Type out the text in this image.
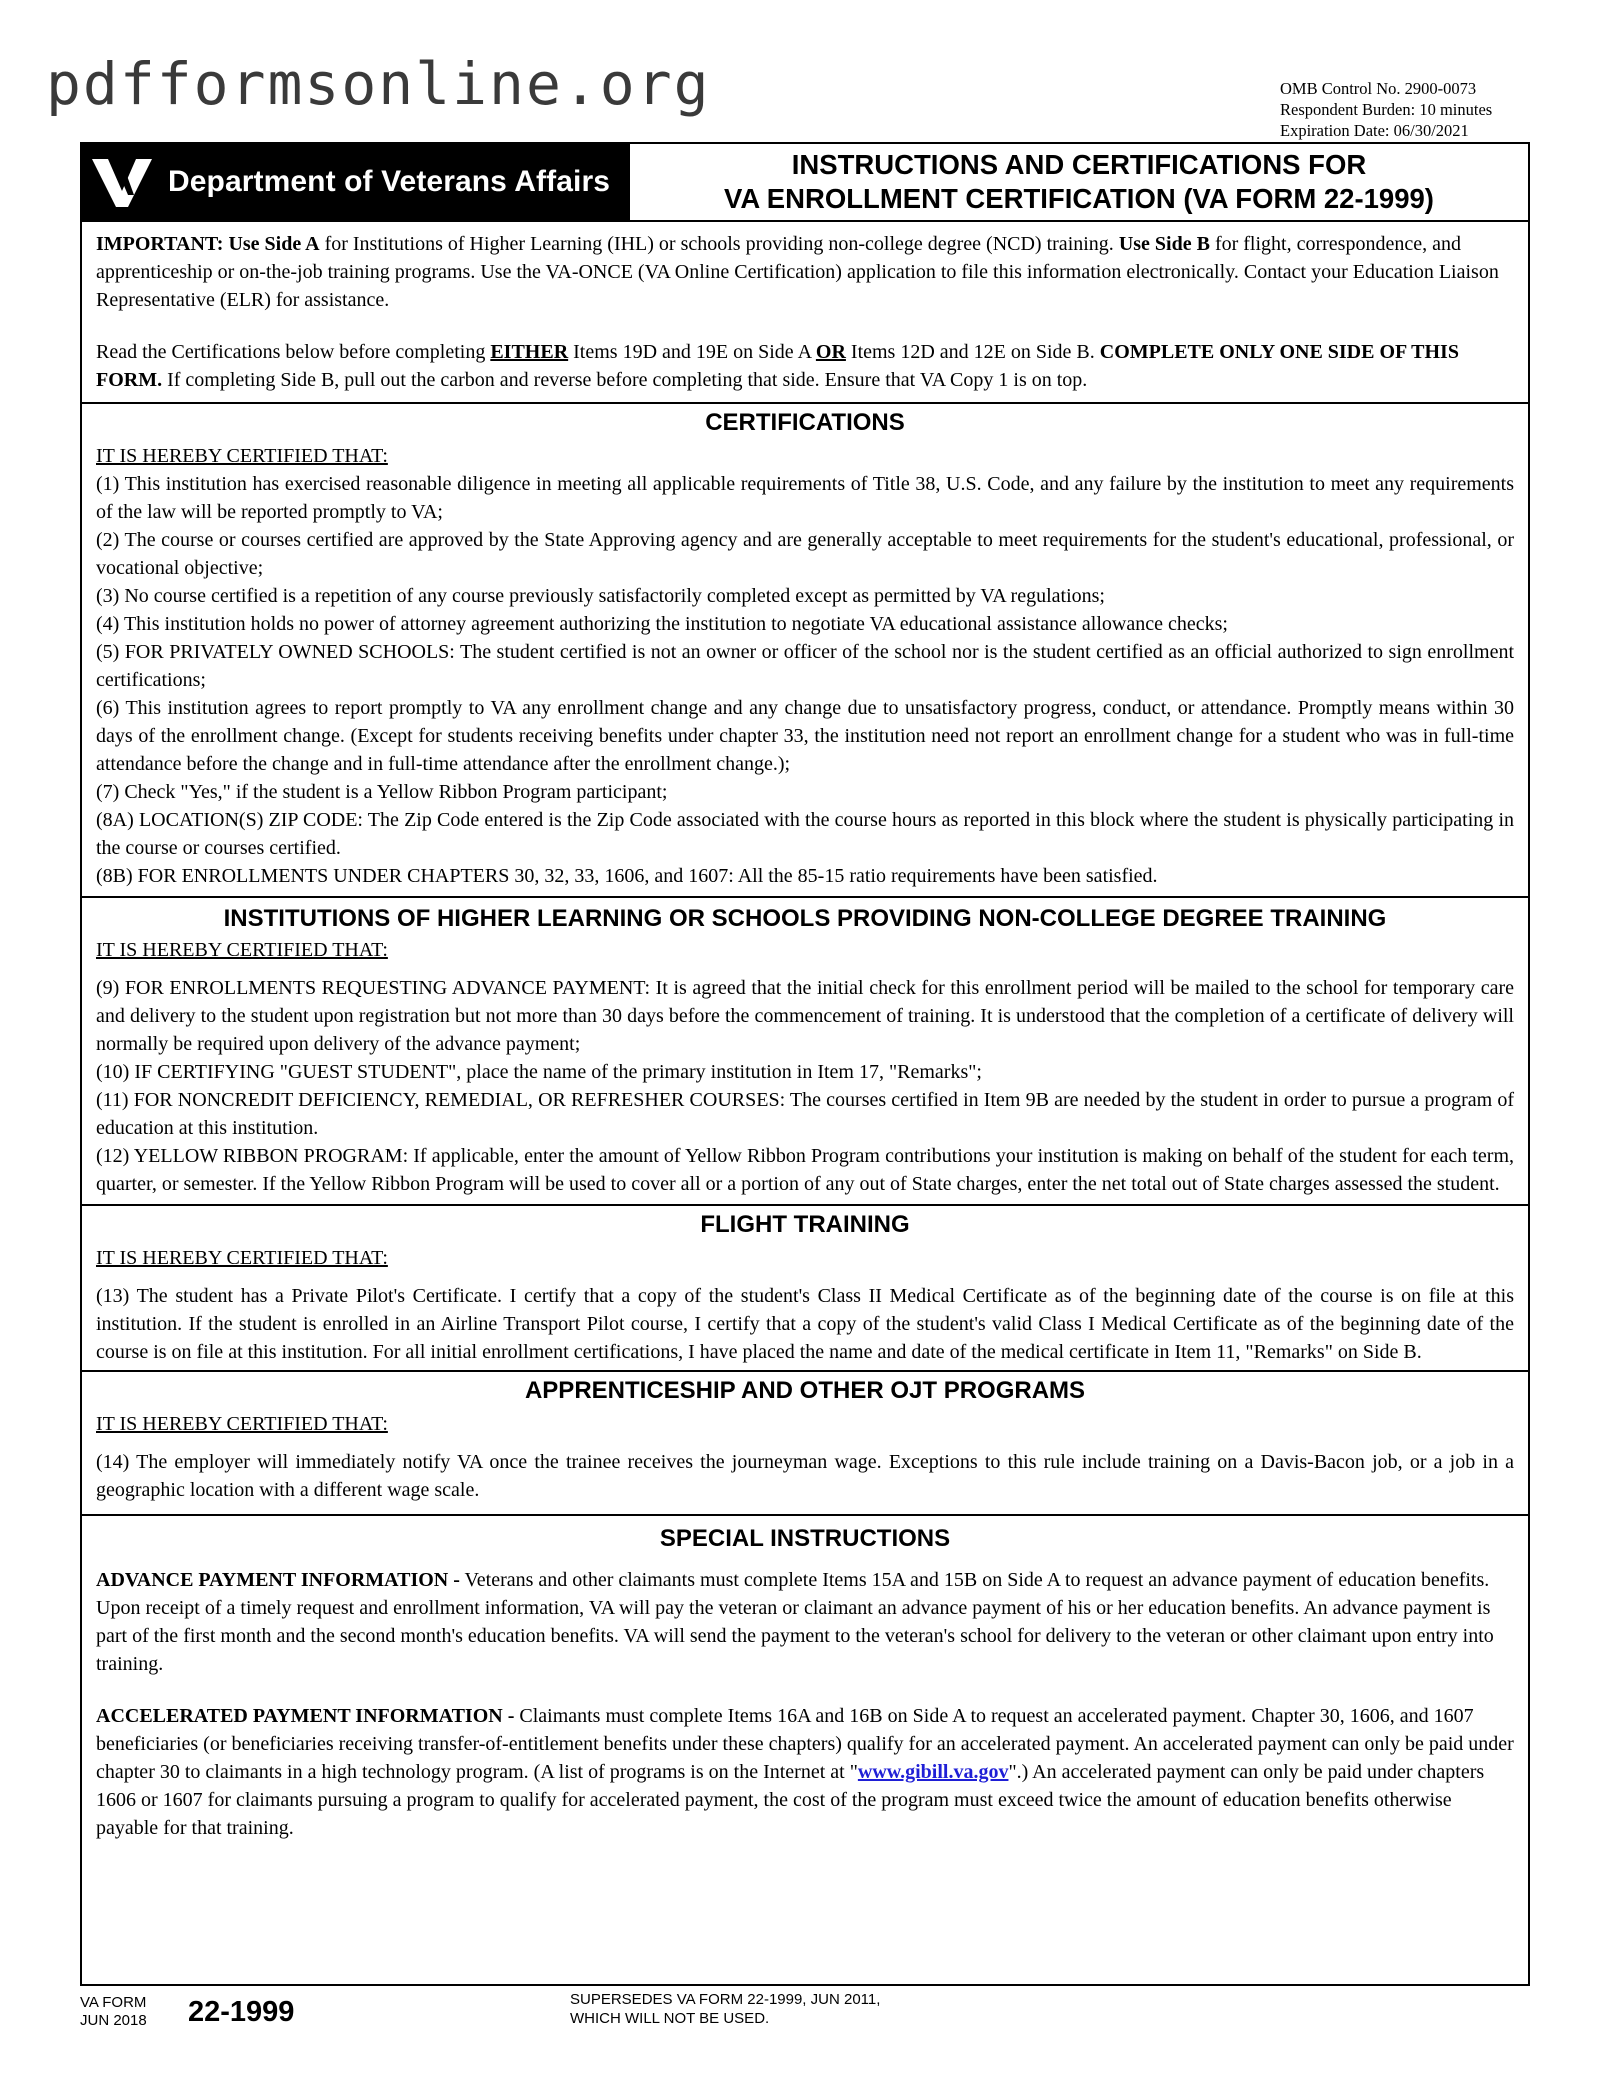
pdfformsonline.org	OMB Control No. 2900-0073
Respondent Burden: 10 minutes
Expiration Date: 06/30/2021
Department of Veterans Affairs
INSTRUCTIONS AND CERTIFICATIONS FOR
VA ENROLLMENT CERTIFICATION (VA FORM 22-1999)
IMPORTANT: Use Side A for Institutions of Higher Learning (IHL) or schools providing non-college degree (NCD) training. Use Side B for flight, correspondence, and apprenticeship or on-the-job training programs. Use the VA-ONCE (VA Online Certification) application to file this information electronically. Contact your Education Liaison Representative (ELR) for assistance.
Read the Certifications below before completing EITHER Items 19D and 19E on Side A OR Items 12D and 12E on Side B. COMPLETE ONLY ONE SIDE OF THIS FORM. If completing Side B, pull out the carbon and reverse before completing that side. Ensure that VA Copy 1 is on top.
CERTIFICATIONS
IT IS HEREBY CERTIFIED THAT:
(1) This institution has exercised reasonable diligence in meeting all applicable requirements of Title 38, U.S. Code, and any failure by the institution to meet any requirements of the law will be reported promptly to VA;
(2) The course or courses certified are approved by the State Approving agency and are generally acceptable to meet requirements for the student's educational, professional, or vocational objective;
(3) No course certified is a repetition of any course previously satisfactorily completed except as permitted by VA regulations;
(4) This institution holds no power of attorney agreement authorizing the institution to negotiate VA educational assistance allowance checks;
(5) FOR PRIVATELY OWNED SCHOOLS: The student certified is not an owner or officer of the school nor is the student certified as an official authorized to sign enrollment certifications;
(6) This institution agrees to report promptly to VA any enrollment change and any change due to unsatisfactory progress, conduct, or attendance. Promptly means within 30 days of the enrollment change. (Except for students receiving benefits under chapter 33, the institution need not report an enrollment change for a student who was in full-time attendance before the change and in full-time attendance after the enrollment change.);
(7) Check "Yes," if the student is a Yellow Ribbon Program participant;
(8A) LOCATION(S) ZIP CODE: The Zip Code entered is the Zip Code associated with the course hours as reported in this block where the student is physically participating in the course or courses certified.
(8B) FOR ENROLLMENTS UNDER CHAPTERS 30, 32, 33, 1606, and 1607: All the 85-15 ratio requirements have been satisfied.
INSTITUTIONS OF HIGHER LEARNING OR SCHOOLS PROVIDING NON-COLLEGE DEGREE TRAINING
IT IS HEREBY CERTIFIED THAT:
(9) FOR ENROLLMENTS REQUESTING ADVANCE PAYMENT: It is agreed that the initial check for this enrollment period will be mailed to the school for temporary care and delivery to the student upon registration but not more than 30 days before the commencement of training. It is understood that the completion of a certificate of delivery will normally be required upon delivery of the advance payment;
(10) IF CERTIFYING "GUEST STUDENT", place the name of the primary institution in Item 17, "Remarks";
(11) FOR NONCREDIT DEFICIENCY, REMEDIAL, OR REFRESHER COURSES: The courses certified in Item 9B are needed by the student in order to pursue a program of education at this institution.
(12) YELLOW RIBBON PROGRAM: If applicable, enter the amount of Yellow Ribbon Program contributions your institution is making on behalf of the student for each term, quarter, or semester. If the Yellow Ribbon Program will be used to cover all or a portion of any out of State charges, enter the net total out of State charges assessed the student.
FLIGHT TRAINING
IT IS HEREBY CERTIFIED THAT:
(13) The student has a Private Pilot's Certificate. I certify that a copy of the student's Class II Medical Certificate as of the beginning date of the course is on file at this institution. If the student is enrolled in an Airline Transport Pilot course, I certify that a copy of the student's valid Class I Medical Certificate as of the beginning date of the course is on file at this institution. For all initial enrollment certifications, I have placed the name and date of the medical certificate in Item 11, "Remarks" on Side B.
APPRENTICESHIP AND OTHER OJT PROGRAMS
IT IS HEREBY CERTIFIED THAT:
(14) The employer will immediately notify VA once the trainee receives the journeyman wage. Exceptions to this rule include training on a Davis-Bacon job, or a job in a geographic location with a different wage scale.
SPECIAL INSTRUCTIONS
ADVANCE PAYMENT INFORMATION - Veterans and other claimants must complete Items 15A and 15B on Side A to request an advance payment of education benefits. Upon receipt of a timely request and enrollment information, VA will pay the veteran or claimant an advance payment of his or her education benefits. An advance payment is part of the first month and the second month's education benefits. VA will send the payment to the veteran's school for delivery to the veteran or other claimant upon entry into training.
ACCELERATED PAYMENT INFORMATION - Claimants must complete Items 16A and 16B on Side A to request an accelerated payment. Chapter 30, 1606, and 1607 beneficiaries (or beneficiaries receiving transfer-of-entitlement benefits under these chapters) qualify for an accelerated payment. An accelerated payment can only be paid under chapter 30 to claimants in a high technology program. (A list of programs is on the Internet at "www.gibill.va.gov".) An accelerated payment can only be paid under chapters 1606 or 1607 for claimants pursuing a program to qualify for accelerated payment, the cost of the program must exceed twice the amount of education benefits otherwise payable for that training.
VA FORM
JUN 2018 22-1999	SUPERSEDES VA FORM 22-1999, JUN 2011,
WHICH WILL NOT BE USED.
